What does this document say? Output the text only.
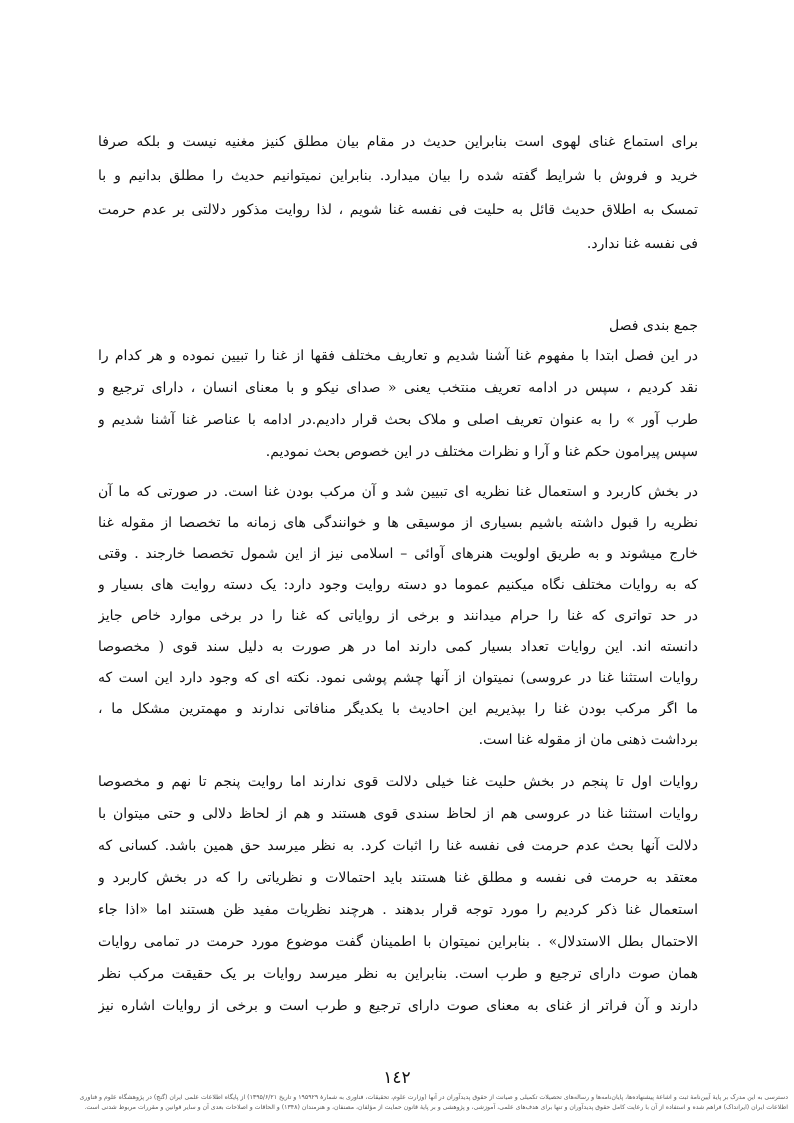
برای استماع غنای لهوی است بنابراین حدیث در مقام بیان مطلق کنیز مغنیه نیست و بلکه صرفا
خرید و فروش با شرایط گفته شده را بیان میدارد. بنابراین نمیتوانیم حدیث را مطلق بدانیم و با
تمسک به اطلاق حدیث قائل به حلیت فی نفسه غنا شویم ، لذا روایت مذکور دلالتی بر عدم حرمت
فی نفسه غنا ندارد.
جمع بندی فصل
در این فصل ابتدا با مفهوم غنا آشنا شدیم و تعاریف مختلف فقها از غنا را تبیین نموده و هر کدام را
نقد کردیم ، سپس در ادامه تعریف منتخب یعنی « صدای نیکو و با معنای انسان ، دارای ترجیع و
طرب آور » را به عنوان تعریف اصلی و ملاک بحث قرار دادیم.در ادامه با عناصر غنا آشنا شدیم و
سپس پیرامون حکم غنا و آرا و نظرات مختلف در این خصوص بحث نمودیم.
در بخش کاربرد و استعمال غنا نظریه ای تبیین شد و آن مرکب بودن غنا است. در صورتی که ما آن
نظریه را قبول داشته باشیم بسیاری از موسیقی ها و خوانندگی های زمانه ما تخصصا از مقوله غنا
خارج میشوند و به طریق اولویت هنرهای آوائی – اسلامی نیز از این شمول تخصصا خارجند . وقتی
که به روایات مختلف نگاه میکنیم عموما دو دسته روایت وجود دارد: یک دسته روایت های بسیار و
در حد تواتری که غنا را حرام میدانند و برخی از روایاتی که غنا را در برخی موارد خاص جایز
دانسته اند. این روایات تعداد بسیار کمی دارند اما در هر صورت به دلیل سند قوی ( مخصوصا
روایات استثنا غنا در عروسی) نمیتوان از آنها چشم پوشی نمود. نکته ای که وجود دارد این است که
ما اگر مرکب بودن غنا را بپذیریم این احادیث با یکدیگر منافاتی ندارند و مهمترین مشکل ما ،
برداشت ذهنی مان از مقوله غنا است.
روایات اول تا پنجم در بخش حلیت غنا خیلی دلالت قوی ندارند اما روایت پنجم تا نهم و مخصوصا
روایات استثنا غنا در عروسی هم از لحاظ سندی قوی هستند و هم از لحاظ دلالی و حتی میتوان با
دلالت آنها بحث عدم حرمت فی نفسه غنا را اثبات کرد. به نظر میرسد حق همین باشد. کسانی که
معتقد به حرمت فی نفسه و مطلق غنا هستند باید احتمالات و نظریاتی را که در بخش کاربرد و
استعمال غنا ذکر کردیم را مورد توجه قرار بدهند . هرچند نظریات مفید ظن هستند اما «اذا جاء
الاحتمال بطل الاستدلال» . بنابراین نمیتوان با اطمینان گفت موضوع مورد حرمت در تمامی روایات
همان صوت دارای ترجیع و طرب است. بنابراین به نظر میرسد روایات بر یک حقیقت مرکب نظر
دارند و آن فراتر از غنای به معنای صوت دارای ترجیع و طرب است و برخی از روایات اشاره نیز
١٤٢
دسترسی به این مدرک بر پایهٔ آیین‌نامهٔ ثبت و اشاعهٔ پیشنهاده‌ها، پایان‌نامه‌ها و رساله‌های تحصیلات تکمیلی و صیانت از حقوق پدیدآوران در آنها (وزارت علوم، تحقیقات، فناوری به شمارهٔ ۱۹۵۹۲۹ و تاریخ ۱۳۹۵/۶/۲۱) از پایگاه اطلاعات علمی ایران (گنج) در پژوهشگاه علوم و فناوری
اطلاعات ایران (ایرانداک) فراهم شده و استفاده از آن با رعایت کامل حقوق پدیدآوران و تنها برای هدف‌های علمی، آموزشی، و پژوهشی و بر پایهٔ قانون حمایت از مؤلفان، مصنفان، و هنرمندان (۱۳۴۸) و الحاقات و اصلاحات بعدی آن و سایر قوانین و مقررات مربوط شدنی است.
